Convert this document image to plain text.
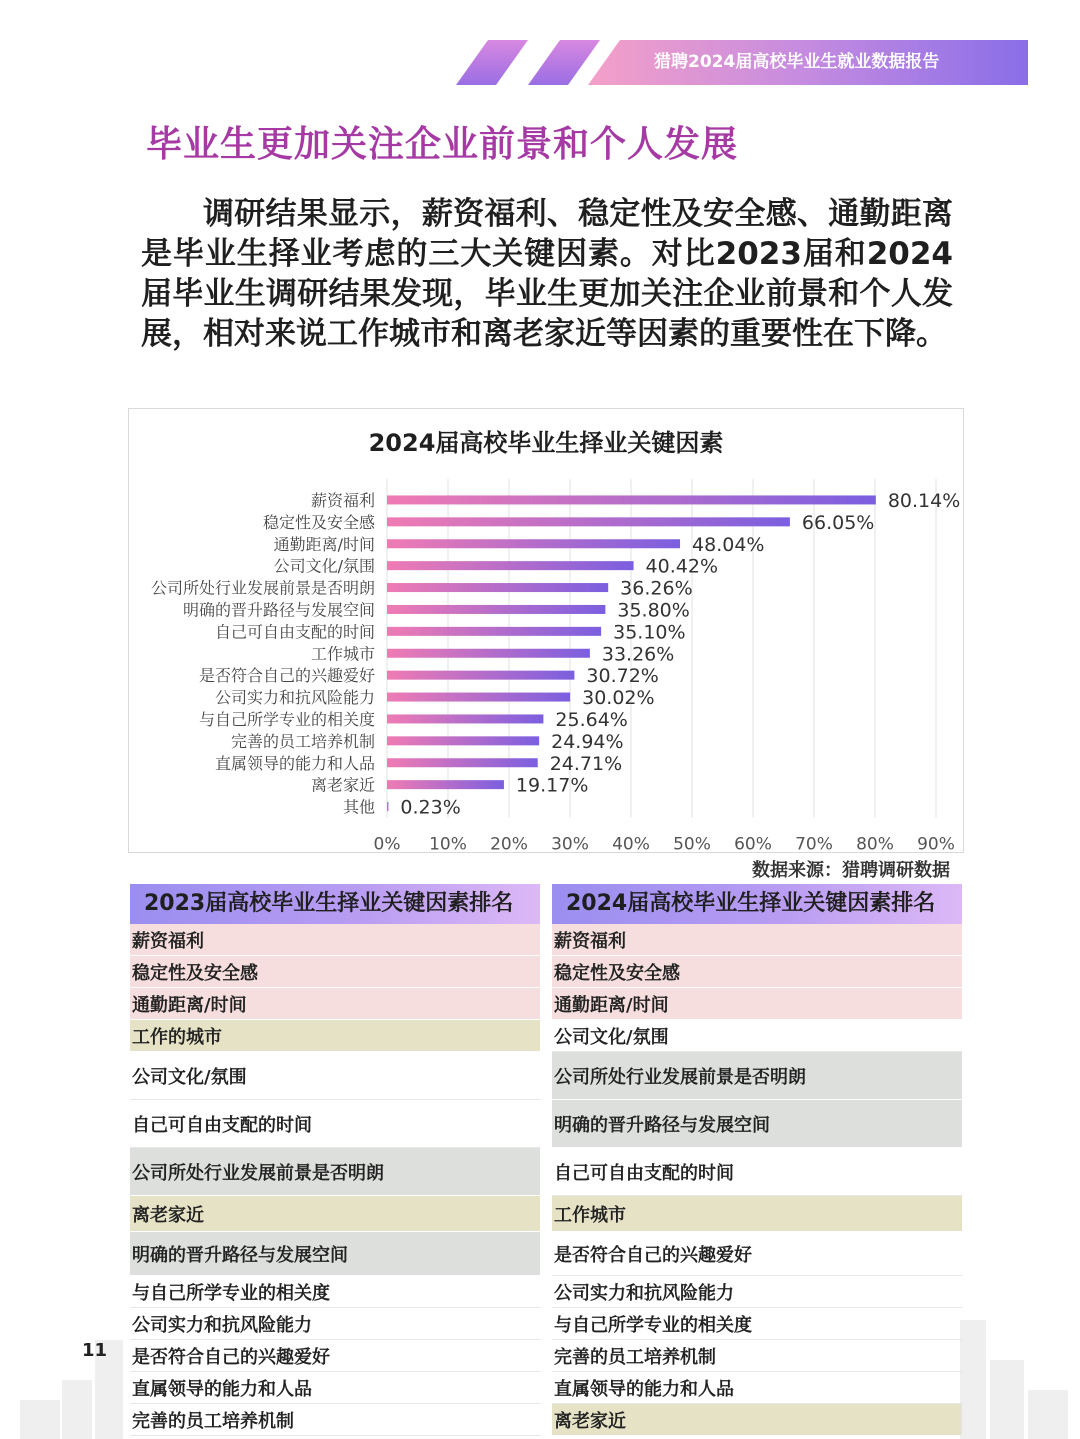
猎聘2024届高校毕业生就业数据报告
毕业生更加关注企业前景和个人发展

调研结果显示，薪资福利、稳定性及安全感、通勤距离是毕业生择业考虑的三大关键因素。对比2023届和2024届毕业生调研结果发现，毕业生更加关注企业前景和个人发展，相对来说工作城市和离老家近等因素的重要性在下降。

2024届高校毕业生择业关键因素
0% 10% 20% 30% 40% 50% 60% 70% 80% 90%
薪资福利	80.14%
稳定性及安全感	66.05%
通勤距离/时间	48.04%
公司文化/氛围	40.42%
公司所处行业发展前景是否明朗	36.26%
明确的晋升路径与发展空间	35.80%
自己可自由支配的时间	35.10%
工作城市	33.26%
是否符合自己的兴趣爱好	30.72%
公司实力和抗风险能力	30.02%
与自己所学专业的相关度	25.64%
完善的员工培养机制	24.94%
直属领导的能力和人品	24.71%
离老家近	19.17%
其他 0.23%
数据来源：猎聘调研数据
2023届高校毕业生择业关键因素排名
薪资福利
稳定性及安全感
通勤距离/时间
工作的城市
公司文化/氛围
自己可自由支配的时间
公司所处行业发展前景是否明朗
离老家近
明确的晋升路径与发展空间
与自己所学专业的相关度
公司实力和抗风险能力
是否符合自己的兴趣爱好
直属领导的能力和人品
完善的员工培养机制
2024届高校毕业生择业关键因素排名
薪资福利
稳定性及安全感
通勤距离/时间
公司文化/氛围
公司所处行业发展前景是否明朗
明确的晋升路径与发展空间
自己可自由支配的时间
工作城市
是否符合自己的兴趣爱好
公司实力和抗风险能力
与自己所学专业的相关度
完善的员工培养机制
直属领导的能力和人品
离老家近
11
